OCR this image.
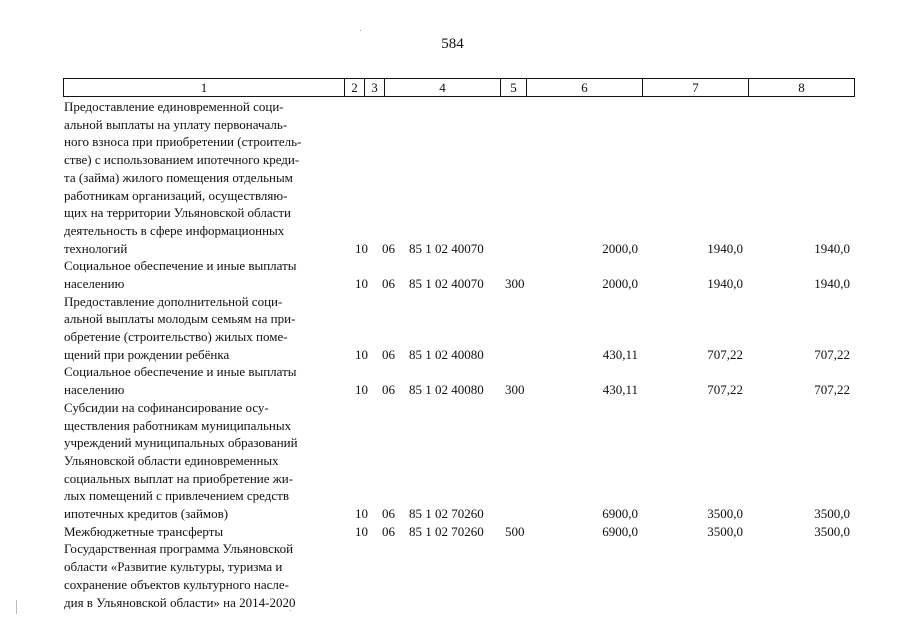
584
1	2	3	4	5	6	7	8
Предоставление единовременной соци-
альной выплаты на уплату первоначаль-
ного взноса при приобретении (строитель-
стве) с использованием ипотечного креди-
та (займа) жилого помещения отдельным
работникам организаций, осуществляю-
щих на территории Ульяновской области
деятельность в сфере информационных
технологий	10 06 85 1 02 40070	2000,0	1940,0	1940,0
Социальное обеспечение и иные выплаты
населению	10 06 85 1 02 40070 300	2000,0	1940,0	1940,0
Предоставление дополнительной соци-
альной выплаты молодым семьям на при-
обретение (строительство) жилых поме-
щений при рождении ребёнка	10 06 85 1 02 40080	430,11	707,22	707,22
Социальное обеспечение и иные выплаты
населению	10 06 85 1 02 40080 300	430,11	707,22	707,22
Субсидии на софинансирование осу-
ществления работникам муниципальных
учреждений муниципальных образований
Ульяновской области единовременных
социальных выплат на приобретение жи-
лых помещений с привлечением средств
ипотечных кредитов (займов)	10 06 85 1 02 70260	6900,0	3500,0	3500,0
Межбюджетные трансферты	10 06 85 1 02 70260 500	6900,0	3500,0	3500,0
Государственная программа Ульяновской
области «Развитие культуры, туризма и
сохранение объектов культурного насле-
дия в Ульяновской области» на 2014-2020
